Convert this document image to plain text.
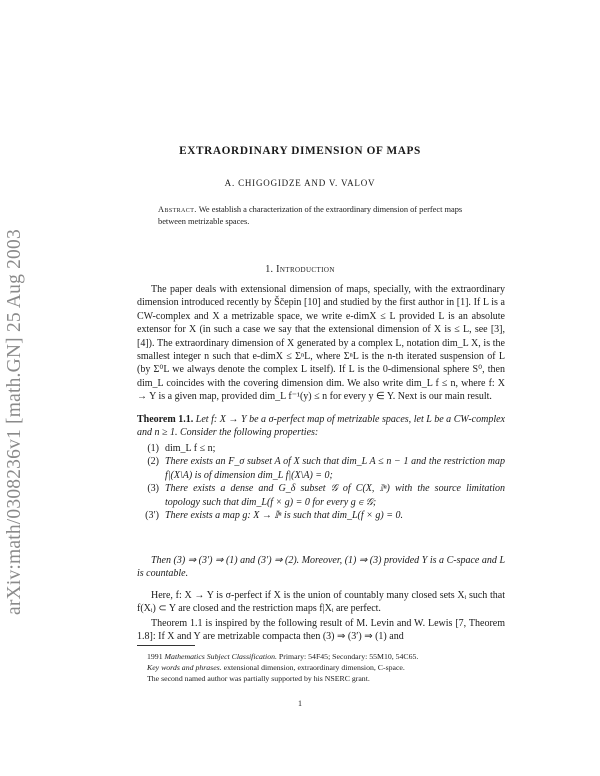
arXiv:math/0308236v1 [math.GN] 25 Aug 2003
EXTRAORDINARY DIMENSION OF MAPS
A. CHIGOGIDZE AND V. VALOV
Abstract. We establish a characterization of the extraordinary dimension of perfect maps between metrizable spaces.
1. Introduction
The paper deals with extensional dimension of maps, specially, with the extraordinary dimension introduced recently by Ščepin [10] and studied by the first author in [1]. If L is a CW-complex and X a metrizable space, we write e-dimX ≤ L provided L is an absolute extensor for X (in such a case we say that the extensional dimension of X is ≤ L, see [3], [4]). The extraordinary dimension of X generated by a complex L, notation dim_L X, is the smallest integer n such that e-dimX ≤ ΣⁿL, where ΣⁿL is the n-th iterated suspension of L (by Σ⁰L we always denote the complex L itself). If L is the 0-dimensional sphere S⁰, then dim_L coincides with the covering dimension dim. We also write dim_L f ≤ n, where f: X → Y is a given map, provided dim_L f⁻¹(y) ≤ n for every y ∈ Y. Next is our main result.
Theorem 1.1. Let f: X → Y be a σ-perfect map of metrizable spaces, let L be a CW-complex and n ≥ 1. Consider the following properties:
(1) dim_L f ≤ n;
(2) There exists an F_σ subset A of X such that dim_L A ≤ n − 1 and the restriction map f|(X\A) is of dimension dim_L f|(X\A) = 0;
(3) There exists a dense and G_δ subset 𝒢 of C(X, 𝕀ⁿ) with the source limitation topology such that dim_L(f × g) = 0 for every g ∈ 𝒢;
(3′) There exists a map g: X → 𝕀ⁿ is such that dim_L(f × g) = 0.
Then (3) ⇒ (3′) ⇒ (1) and (3′) ⇒ (2). Moreover, (1) ⇒ (3) provided Y is a C-space and L is countable.
Here, f: X → Y is σ-perfect if X is the union of countably many closed sets Xᵢ such that f(Xᵢ) ⊂ Y are closed and the restriction maps f|Xᵢ are perfect.
Theorem 1.1 is inspired by the following result of M. Levin and W. Lewis [7, Theorem 1.8]: If X and Y are metrizable compacta then (3) ⇒ (3′) ⇒ (1) and
1991 Mathematics Subject Classification. Primary: 54F45; Secondary: 55M10, 54C65.
Key words and phrases. extensional dimension, extraordinary dimension, C-space.
The second named author was partially supported by his NSERC grant.
1
